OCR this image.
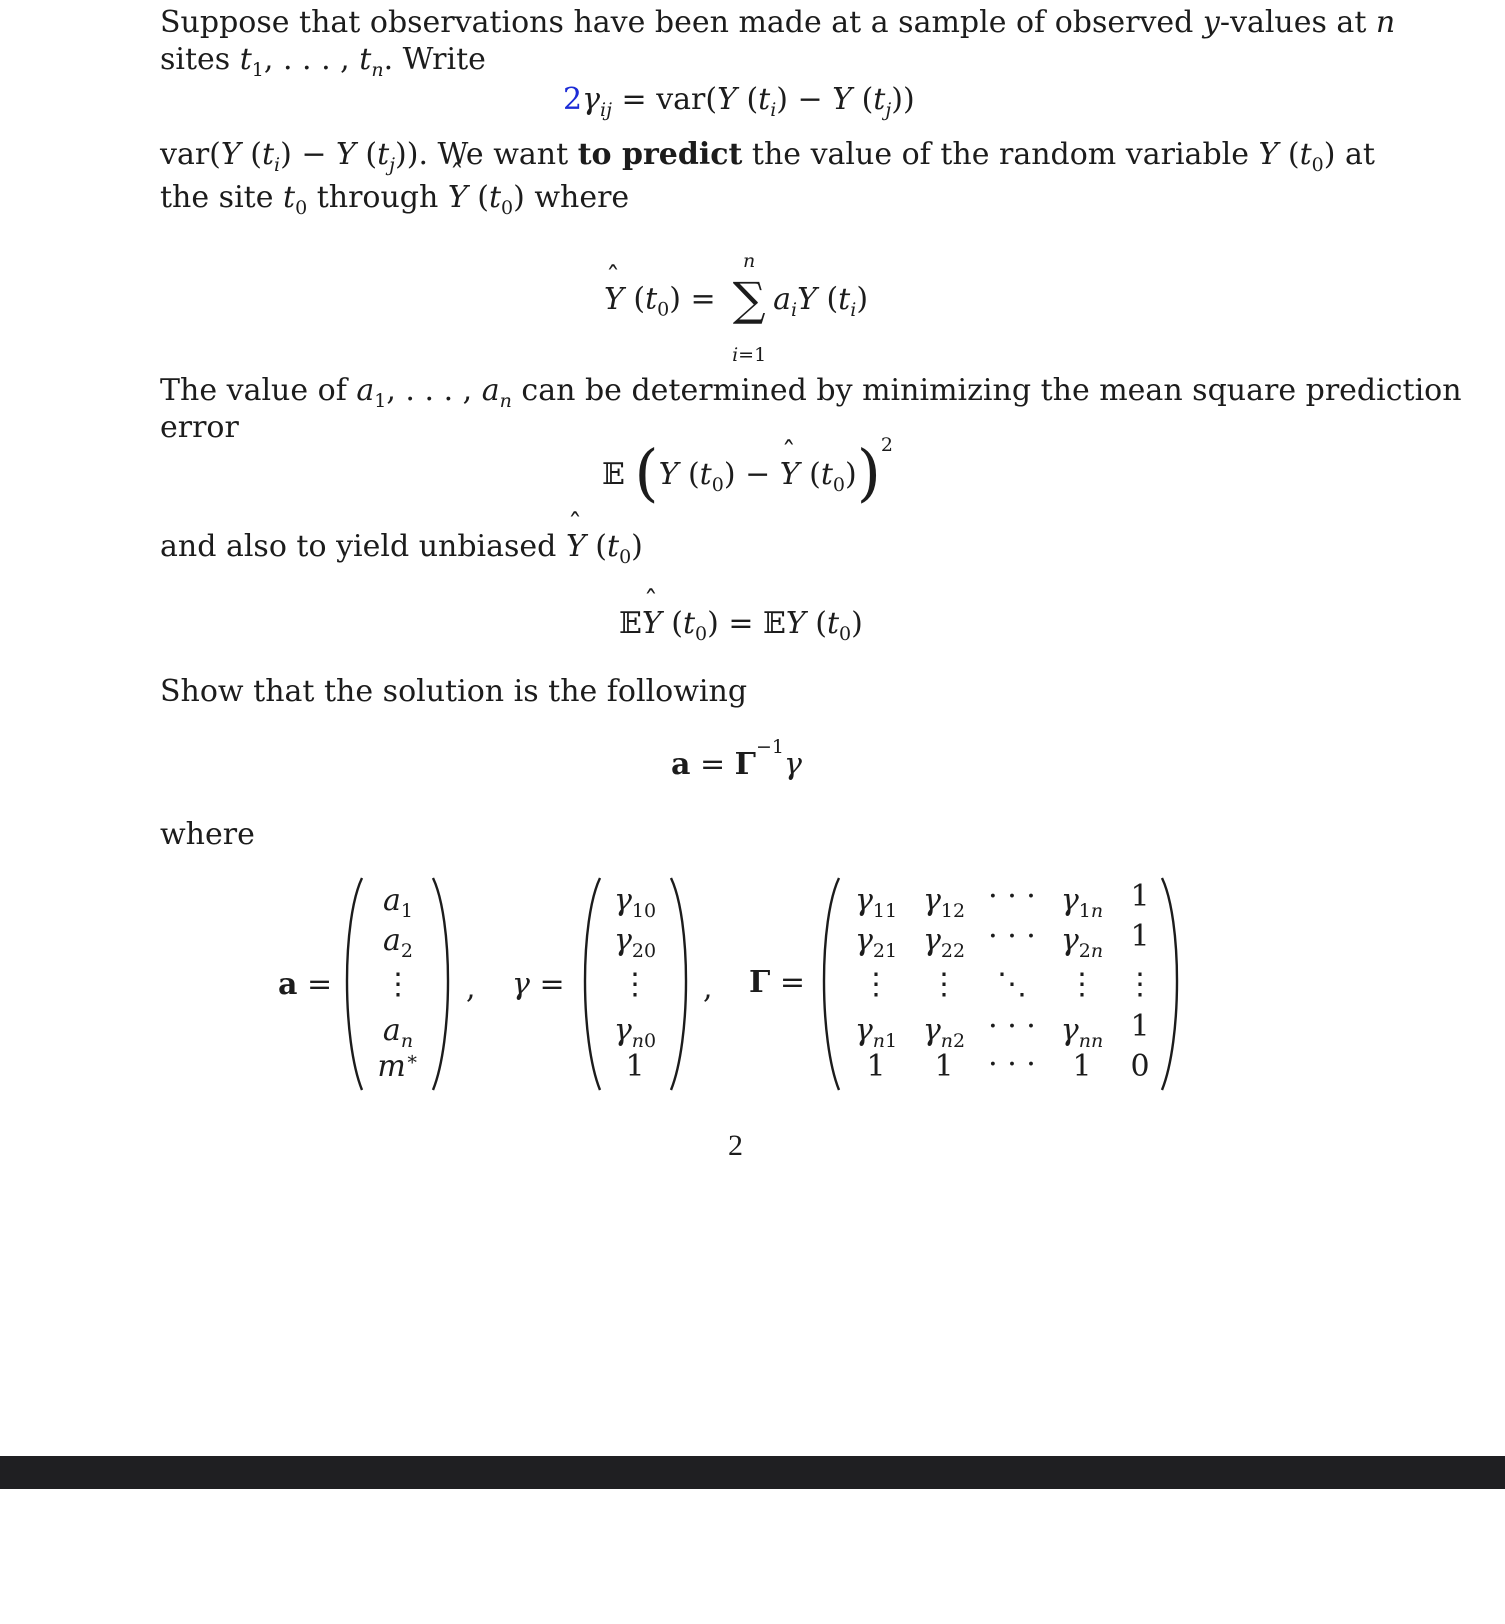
Suppose that observations have been made at a sample of observed y-values at n
sites $t_1$, . . . , $t_n$. Write
$2\gamma_{ij} = var(Y$ $(t_i) - Y$ $(t_j)$)
var(Y $(t_i) - Y$ $(t_j)$). We want to predict the value of the random variable Y $(t_0)$ at
the site $t_0$ through ˆ Y $(t_0)$ where
ˆ Y $(t_0)$ =
n
∑
i=1
$a_iY$ $(t_i)$
The value of $a_1$, . . . , $a_n$ can be determined by minimizing the mean square prediction
error
𝔼 (Y $(t_0)$ − ˆ Y $(t_0))^2$
and also to yield unbiased ˆ Y $(t_0)$
𝔼ˆ Y $(t_0)$ = 𝔼Y $(t_0)$
Show that the solution is the following
$a = \Gamma^{-1}\gamma$
where
a =	γ =	Γ =
,	,
$a_1$
$a_2$
⋮
$a_n$
m∗
$\gamma_{10}$
$\gamma_{20}$
⋮
$\gamma_{n0}$
1
$\gamma_{11}$ $\gamma_{12}$ · · · $\gamma_{1n}$ 1
$\gamma_{21}$ $\gamma_{22}$ · · · $\gamma_{2n}$ 1
⋮	⋮	⋱	⋮ ⋮
$\gamma_{n1}$ $\gamma_{n2}$ · · · $\gamma_{nn}$ 1
1	1	· · ·	1	0
2
